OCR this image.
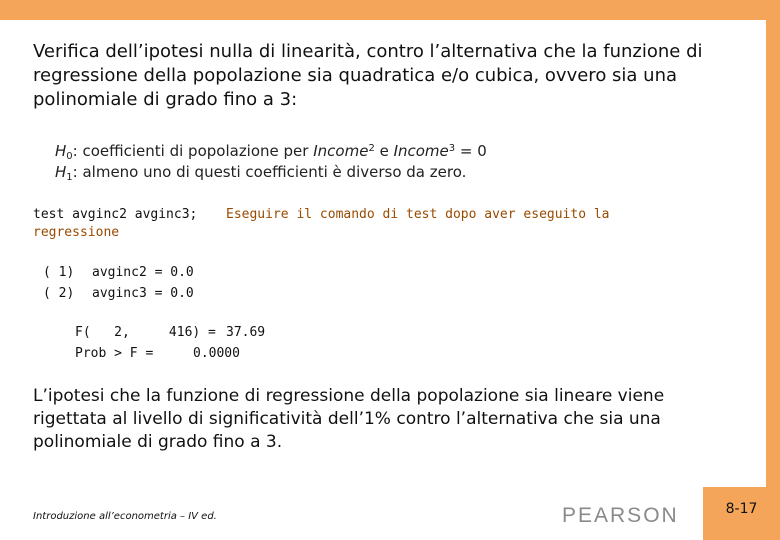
Verifica dell’ipotesi nulla di linearità, contro l’alternativa che la funzione di regressione della popolazione sia quadratica e/o cubica, ovvero sia una polinomiale di grado fino a 3:
$H_0$: coefficienti di popolazione per Income$^2$ e Income$^3$ = 0
$H_1$: almeno uno di questi coefficienti è diverso da zero.
test avginc2 avginc3; Eseguire il comando di test dopo aver eseguito la
regressione
( 1) avginc2 = 0.0
( 2) avginc3 = 0.0
F(   2,     416) = 37.69
Prob > F =	0.0000
L’ipotesi che la funzione di regressione della popolazione sia lineare viene rigettata al livello di significatività dell’1% contro l’alternativa che sia una polinomiale di grado fino a 3.
Introduzione all’econometria – IV ed.	PEARSON	8-17
